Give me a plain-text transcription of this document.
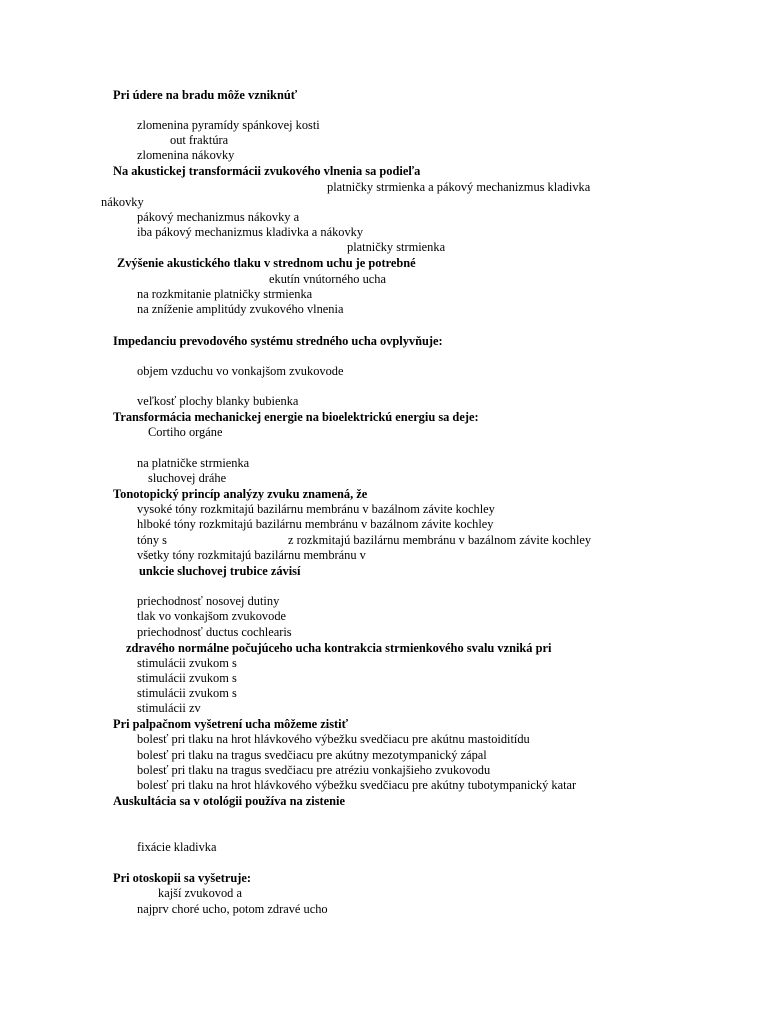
Pri údere na bradu môže vzniknúť
zlomenina pyramídy spánkovej kosti
out fraktúra
zlomenina nákovky
Na akustickej transformácii zvukového vlnenia sa podieľa
platničky strmienka a pákový mechanizmus kladivka
nákovky
pákový mechanizmus nákovky a
iba pákový mechanizmus kladivka a nákovky
platničky strmienka
Zvýšenie akustického tlaku v strednom uchu je potrebné
ekutín vnútorného ucha
na rozkmitanie platničky strmienka
na zníženie amplitúdy zvukového vlnenia
Impedanciu prevodového systému stredného ucha ovplyvňuje:
objem vzduchu vo vonkajšom zvukovode
veľkosť plochy blanky bubienka
Transformácia mechanickej energie na bioelektrickú energiu sa deje:
Cortiho orgáne
na platničke strmienka
sluchovej dráhe
Tonotopický princíp analýzy zvuku znamená, že
vysoké tóny rozkmitajú bazilárnu membránu v bazálnom závite kochley
hlboké tóny rozkmitajú bazilárnu membránu v bazálnom závite kochley
tóny s	z rozkmitajú bazilárnu membránu v bazálnom závite kochley
všetky tóny rozkmitajú bazilárnu membránu v
unkcie sluchovej trubice závisí
priechodnosť nosovej dutiny
tlak vo vonkajšom zvukovode
priechodnosť ductus cochlearis
zdravého normálne počujúceho ucha kontrakcia strmienkového svalu vzniká pri
stimulácii zvukom s
stimulácii zvukom s
stimulácii zvukom s
stimulácii zv
Pri palpačnom vyšetrení ucha môžeme zistiť
bolesť pri tlaku na hrot hlávkového výbežku svedčiacu pre akútnu mastoiditídu
bolesť pri tlaku na tragus svedčiacu pre akútny mezotympanický zápal
bolesť pri tlaku na tragus svedčiacu pre atréziu vonkajšieho zvukovodu
bolesť pri tlaku na hrot hlávkového výbežku svedčiacu pre akútny tubotympanický katar
Auskultácia sa v otológii používa na zistenie
fixácie kladivka
Pri otoskopii sa vyšetruje:
kajší zvukovod a
najprv choré ucho, potom zdravé ucho
